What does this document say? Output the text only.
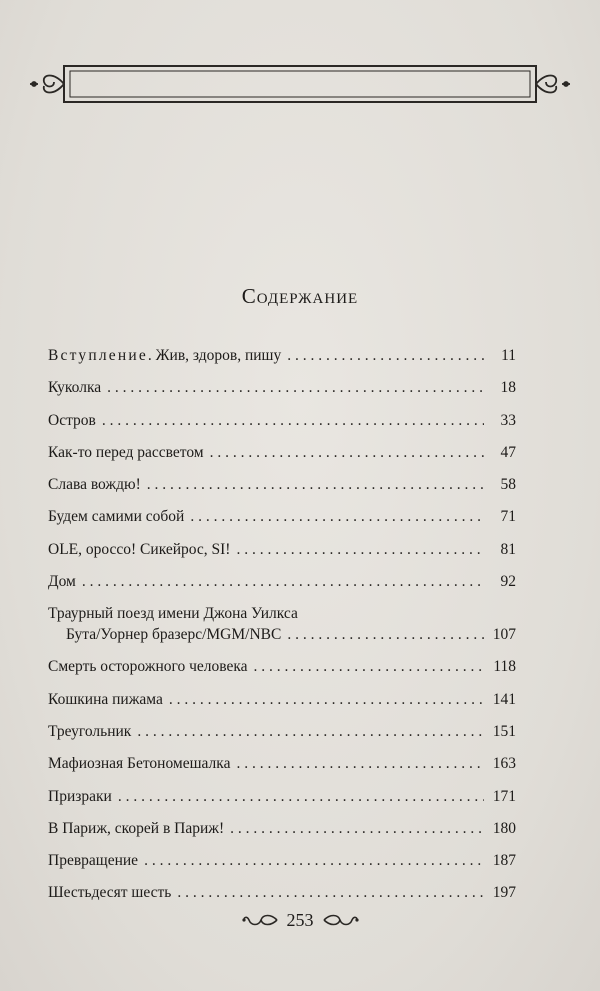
Содержание
Вступление. Жив, здоров, пишу . . .	11
Куколка . . .	18
Остров . . .	33
Как-то перед рассветом . . .	47
Слава вождю! . . .	58
Будем самими собой . . .	71
OLE, оросcо! Сикейрос, SI! . . .	81
Дом . . .	92
Траурный поезд имени Джона Уилкса
Бута/Уорнер бразерс/MGM/NBC . . .	107
Смерть осторожного человека . . .	118
Кошкина пижама . . .	141
Треугольник . . .	151
Мафиозная Бетономешалка . . .	163
Призраки . . .	171
В Париж, скорей в Париж! . . .	180
Превращение . . .	187
Шестьдесят шесть . . .	197
253
